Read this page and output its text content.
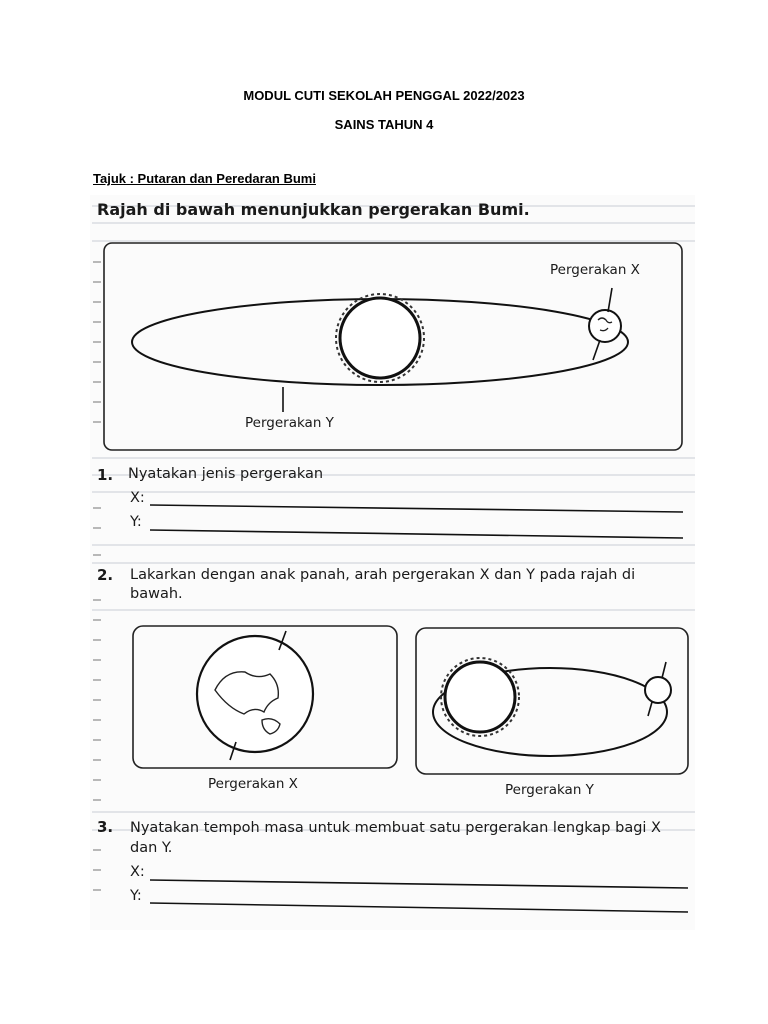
MODUL CUTI SEKOLAH PENGGAL 2022/2023
SAINS TAHUN 4
Tajuk : Putaran dan Peredaran Bumi
Rajah di bawah menunjukkan pergerakan Bumi.
Pergerakan X
Pergerakan Y
1. Nyatakan jenis pergerakan
X:
Y:
2. Lakarkan dengan anak panah, arah pergerakan X dan Y pada rajah di
bawah.
Pergerakan X	Pergerakan Y
3. Nyatakan tempoh masa untuk membuat satu pergerakan lengkap bagi X
dan Y.
X:
Y:
